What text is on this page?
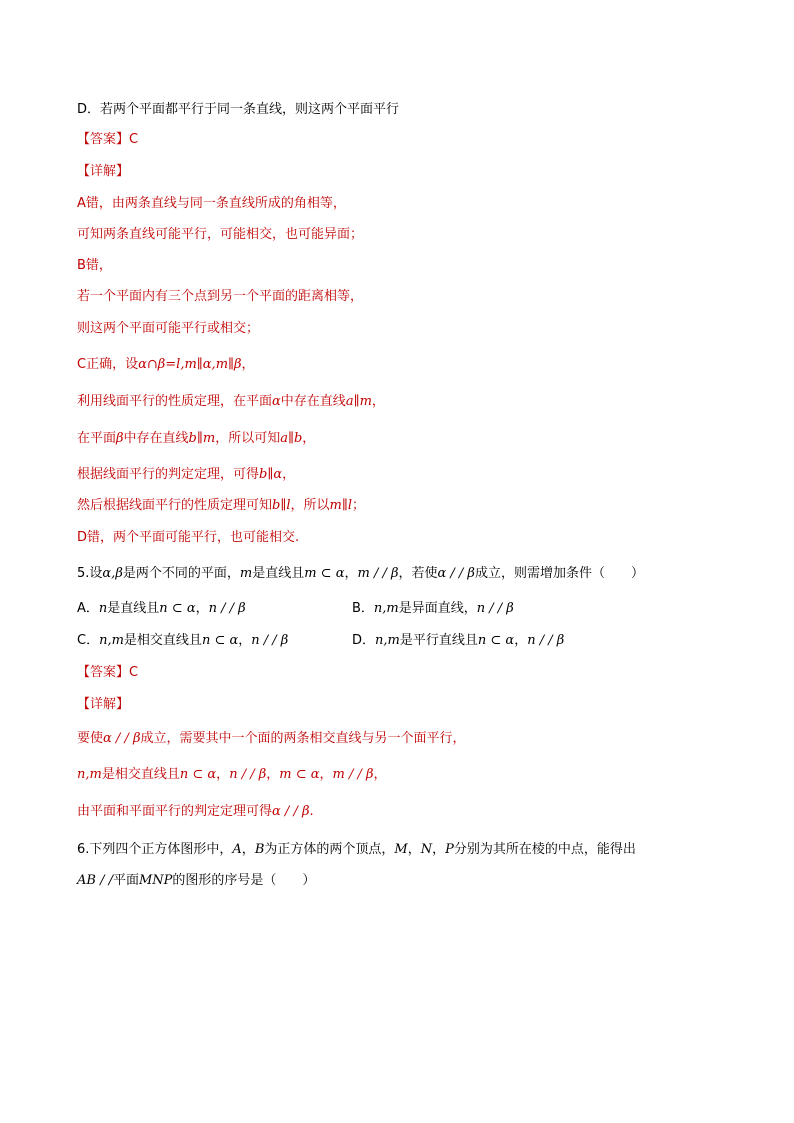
D．若两个平面都平行于同一条直线，则这两个平面平行
【答案】C
【详解】
A错，由两条直线与同一条直线所成的角相等，
可知两条直线可能平行，可能相交，也可能异面；
B错，
若一个平面内有三个点到另一个平面的距离相等，
则这两个平面可能平行或相交；
C正确，设α∩β=l,m∥α,m∥β，
利用线面平行的性质定理，在平面α中存在直线a∥m，
在平面β中存在直线b∥m，所以可知a∥b，
根据线面平行的判定定理，可得b∥α，
然后根据线面平行的性质定理可知b∥l，所以m∥l；
D错，两个平面可能平行，也可能相交.
5.设α,β是两个不同的平面，m是直线且m ⊂ α，m / / β，若使α / / β成立，则需增加条件（　　）
A．n是直线且n ⊂ α，n / / β	B．n,m是异面直线，n / / β
C．n,m是相交直线且n ⊂ α，n / / β	D．n,m是平行直线且n ⊂ α，n / / β
【答案】C
【详解】
要使α / / β成立，需要其中一个面的两条相交直线与另一个面平行，
n,m是相交直线且n ⊂ α，n / / β，m ⊂ α，m / / β，
由平面和平面平行的判定定理可得α / / β.
6.下列四个正方体图形中，A，B为正方体的两个顶点，M，N，P分别为其所在棱的中点，能得出
AB / /平面MNP的图形的序号是（　　）
